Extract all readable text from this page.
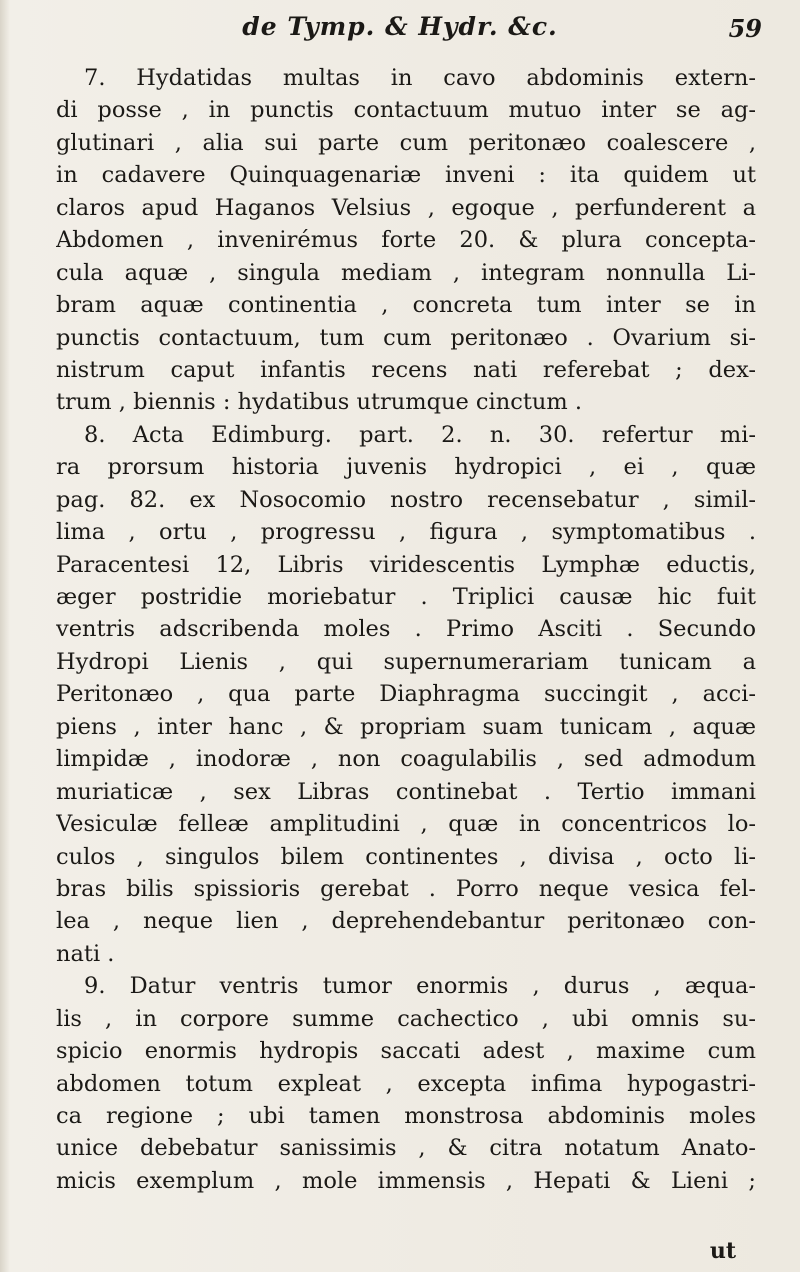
de Tymp. & Hydr. &c.	59
7. Hydatidas multas in cavo abdominis extern-
di posse , in punctis contactuum mutuo inter se ag-
glutinari , alia sui parte cum peritonæo coalescere ,
in cadavere Quinquagenariæ inveni : ita quidem ut
claros apud Haganos Velsius , egoque , perfunderent a
Abdomen , invenirémus forte 20. & plura concepta-
cula aquæ , singula mediam , integram nonnulla Li-
bram aquæ continentia , concreta tum inter se in
punctis contactuum, tum cum peritonæo . Ovarium si-
nistrum caput infantis recens nati referebat ; dex-
trum , biennis : hydatibus utrumque cinctum .
8. Acta Edimburg. part. 2. n. 30. refertur mi-
ra prorsum historia juvenis hydropici , ei , quæ
pag. 82. ex Nosocomio nostro recensebatur , simil-
lima , ortu , progressu , figura , symptomatibus .
Paracentesi 12, Libris viridescentis Lymphæ eductis,
æger postridie moriebatur . Triplici causæ hic fuit
ventris adscribenda moles . Primo Asciti . Secundo
Hydropi Lienis , qui supernumerariam tunicam a
Peritonæo , qua parte Diaphragma succingit , acci-
piens , inter hanc , & propriam suam tunicam , aquæ
limpidæ , inodoræ , non coagulabilis , sed admodum
muriaticæ , sex Libras continebat . Tertio immani
Vesiculæ felleæ amplitudini , quæ in concentricos lo-
culos , singulos bilem continentes , divisa , octo li-
bras bilis spissioris gerebat . Porro neque vesica fel-
lea , neque lien , deprehendebantur peritonæo con-
nati .
9. Datur ventris tumor enormis , durus , æqua-
lis , in corpore summe cachectico , ubi omnis su-
spicio enormis hydropis saccati adest , maxime cum
abdomen totum expleat , excepta infima hypogastri-
ca regione ; ubi tamen monstrosa abdominis moles
unice debebatur sanissimis , & citra notatum Anato-
micis exemplum , mole immensis , Hepati & Lieni ;
ut
